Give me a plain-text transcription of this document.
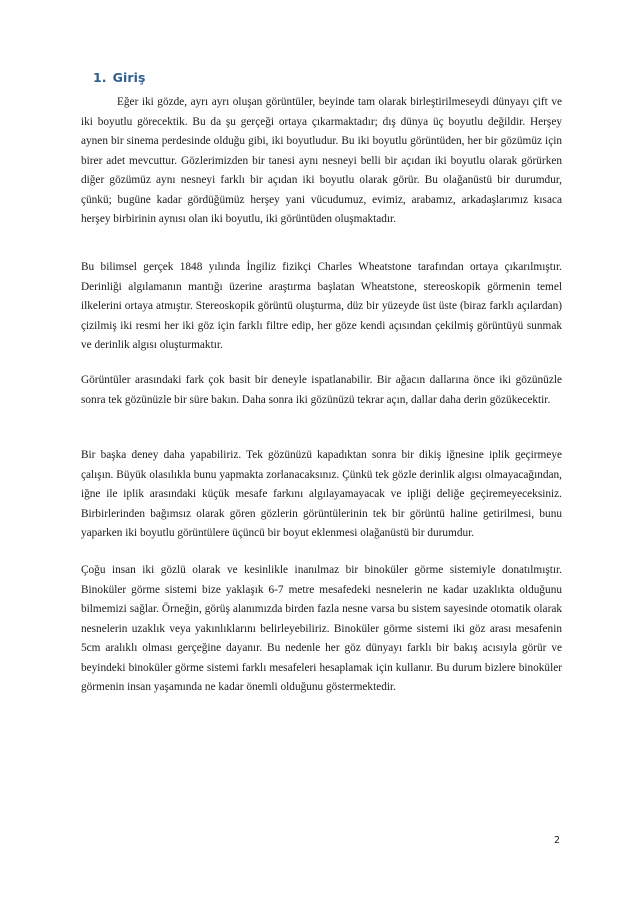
1. Giriş

Eğer iki gözde, ayrı ayrı oluşan görüntüler, beyinde tam olarak birleştirilmeseydi dünyayı çift ve iki boyutlu görecektik. Bu da şu gerçeği ortaya çıkarmaktadır; dış dünya üç boyutlu değildir. Herşey aynen bir sinema perdesinde olduğu gibi, iki boyutludur. Bu iki boyutlu görüntüden, her bir gözümüz için birer adet mevcuttur. Gözlerimizden bir tanesi aynı nesneyi belli bir açıdan iki boyutlu olarak görürken diğer gözümüz aynı nesneyi farklı bir açıdan iki boyutlu olarak görür. Bu olağanüstü bir durumdur, çünkü; bugüne kadar gördüğümüz herşey yani vücudumuz, evimiz, arabamız, arkadaşlarımız kısaca herşey birbirinin aynısı olan iki boyutlu, iki görüntüden oluşmaktadır.

Bu bilimsel gerçek 1848 yılında İngiliz fizikçi Charles Wheatstone tarafından ortaya çıkarılmıştır. Derinliği algılamanın mantığı üzerine araştırma başlatan Wheatstone, stereoskopik görmenin temel ilkelerini ortaya atmıştır. Stereoskopik görüntü oluşturma, düz bir yüzeyde üst üste (biraz farklı açılardan) çizilmiş iki resmi her iki göz için farklı filtre edip, her göze kendi açısından çekilmiş görüntüyü sunmak ve derinlik algısı oluşturmaktır.

Görüntüler arasındaki fark çok basit bir deneyle ispatlanabilir. Bir ağacın dallarına önce iki gözünüzle sonra tek gözünüzle bir süre bakın. Daha sonra iki gözünüzü tekrar açın, dallar daha derin gözükecektir.

Bir başka deney daha yapabiliriz. Tek gözünüzü kapadıktan sonra bir dikiş iğnesine iplik geçirmeye çalışın. Büyük olasılıkla bunu yapmakta zorlanacaksınız. Çünkü tek gözle derinlik algısı olmayacağından, iğne ile iplik arasındaki küçük mesafe farkını algılayamayacak ve ipliği deliğe geçiremeyeceksiniz. Birbirlerinden bağımsız olarak gören gözlerin görüntülerinin tek bir görüntü haline getirilmesi, bunu yaparken iki boyutlu görüntülere üçüncü bir boyut eklenmesi olağanüstü bir durumdur.

Çoğu insan iki gözlü olarak ve kesinlikle inanılmaz bir binoküler görme sistemiyle donatılmıştır. Binoküler görme sistemi bize yaklaşık 6-7 metre mesafedeki nesnelerin ne kadar uzaklıkta olduğunu bilmemizi sağlar. Örneğin, görüş alanımızda birden fazla nesne varsa bu sistem sayesinde otomatik olarak nesnelerin uzaklık veya yakınlıklarını belirleyebiliriz. Binoküler görme sistemi iki göz arası mesafenin 5cm aralıklı olması gerçeğine dayanır. Bu nedenle her göz dünyayı farklı bir bakış acısıyla görür ve beyindeki binoküler görme sistemi farklı mesafeleri hesaplamak için kullanır. Bu durum bizlere binoküler görmenin insan yaşamında ne kadar önemli olduğunu göstermektedir.

2
